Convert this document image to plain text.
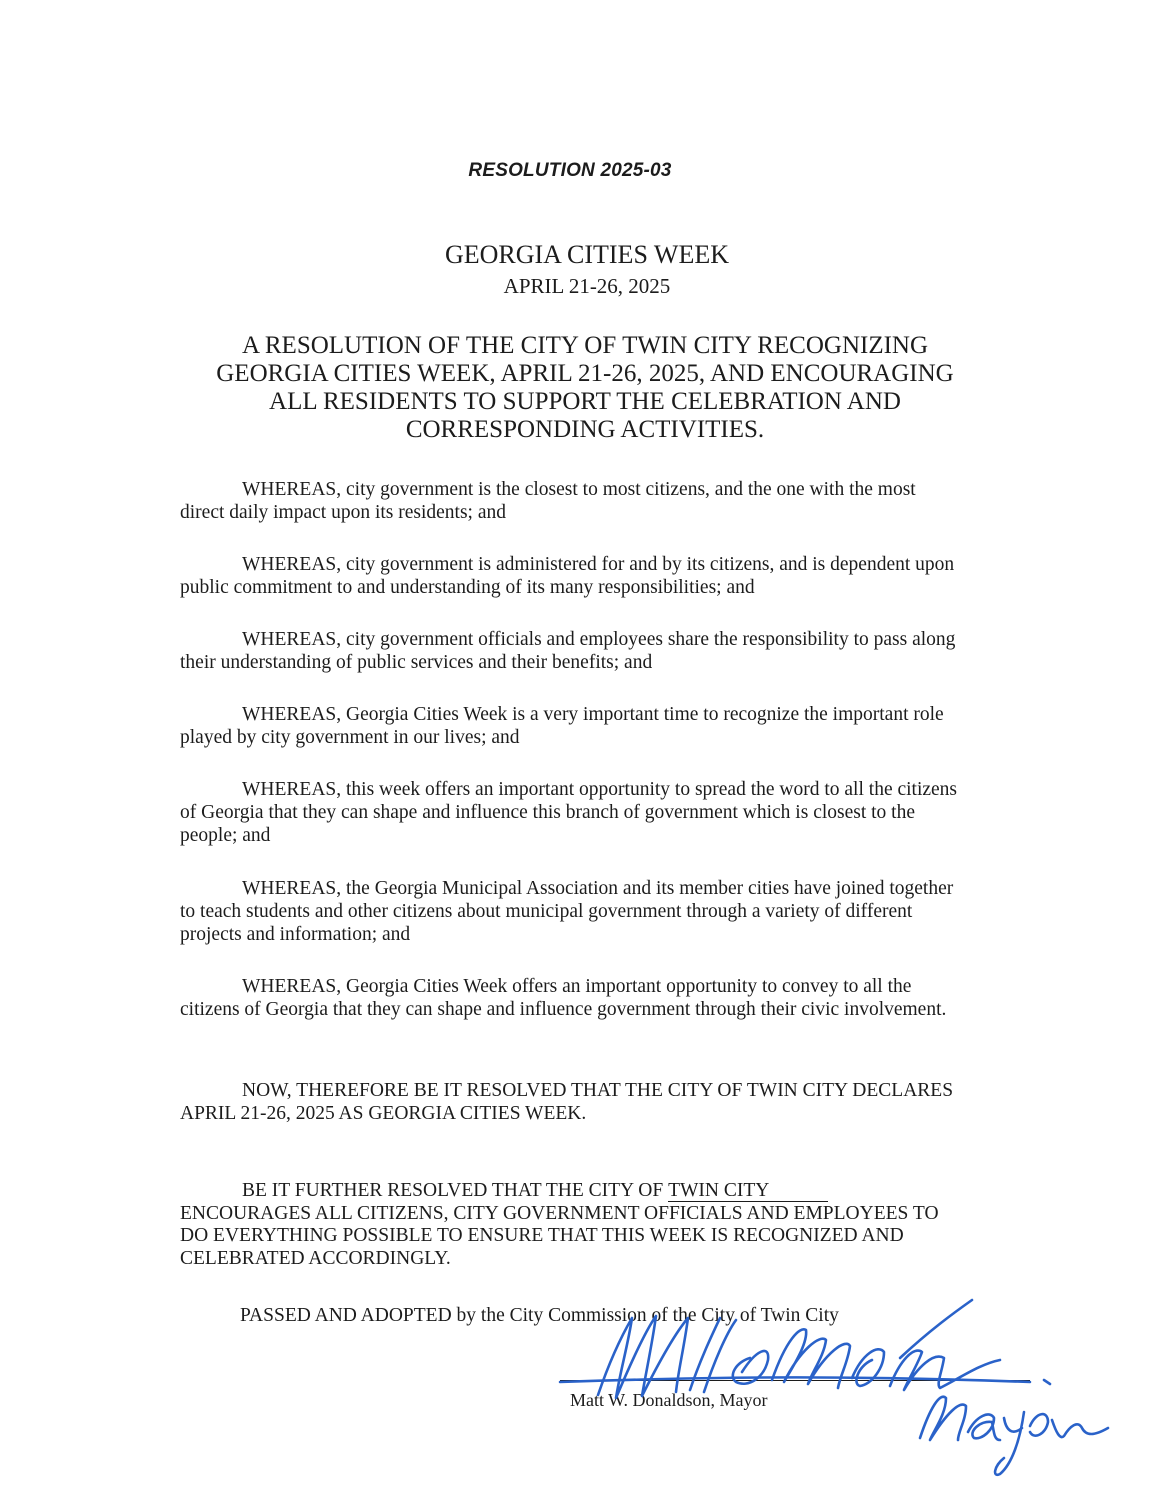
RESOLUTION 2025-03
GEORGIA CITIES WEEK
APRIL 21-26, 2025
A RESOLUTION OF THE CITY OF TWIN CITY RECOGNIZING GEORGIA CITIES WEEK, APRIL 21-26, 2025, AND ENCOURAGING ALL RESIDENTS TO SUPPORT THE CELEBRATION AND CORRESPONDING ACTIVITIES.
WHEREAS, city government is the closest to most citizens, and the one with the most direct daily impact upon its residents; and
WHEREAS, city government is administered for and by its citizens, and is dependent upon public commitment to and understanding of its many responsibilities; and
WHEREAS, city government officials and employees share the responsibility to pass along their understanding of public services and their benefits; and
WHEREAS, Georgia Cities Week is a very important time to recognize the important role played by city government in our lives; and
WHEREAS, this week offers an important opportunity to spread the word to all the citizens of Georgia that they can shape and influence this branch of government which is closest to the people; and
WHEREAS, the Georgia Municipal Association and its member cities have joined together to teach students and other citizens about municipal government through a variety of different projects and information; and
WHEREAS, Georgia Cities Week offers an important opportunity to convey to all the citizens of Georgia that they can shape and influence government through their civic involvement.
NOW, THEREFORE BE IT RESOLVED THAT THE CITY OF TWIN CITY DECLARES APRIL 21-26, 2025 AS GEORGIA CITIES WEEK.
BE IT FURTHER RESOLVED THAT THE CITY OF TWIN CITY ENCOURAGES ALL CITIZENS, CITY GOVERNMENT OFFICIALS AND EMPLOYEES TO DO EVERYTHING POSSIBLE TO ENSURE THAT THIS WEEK IS RECOGNIZED AND CELEBRATED ACCORDINGLY.
PASSED AND ADOPTED by the City Commission of the City of Twin City
Matt W. Donaldson, Mayor
